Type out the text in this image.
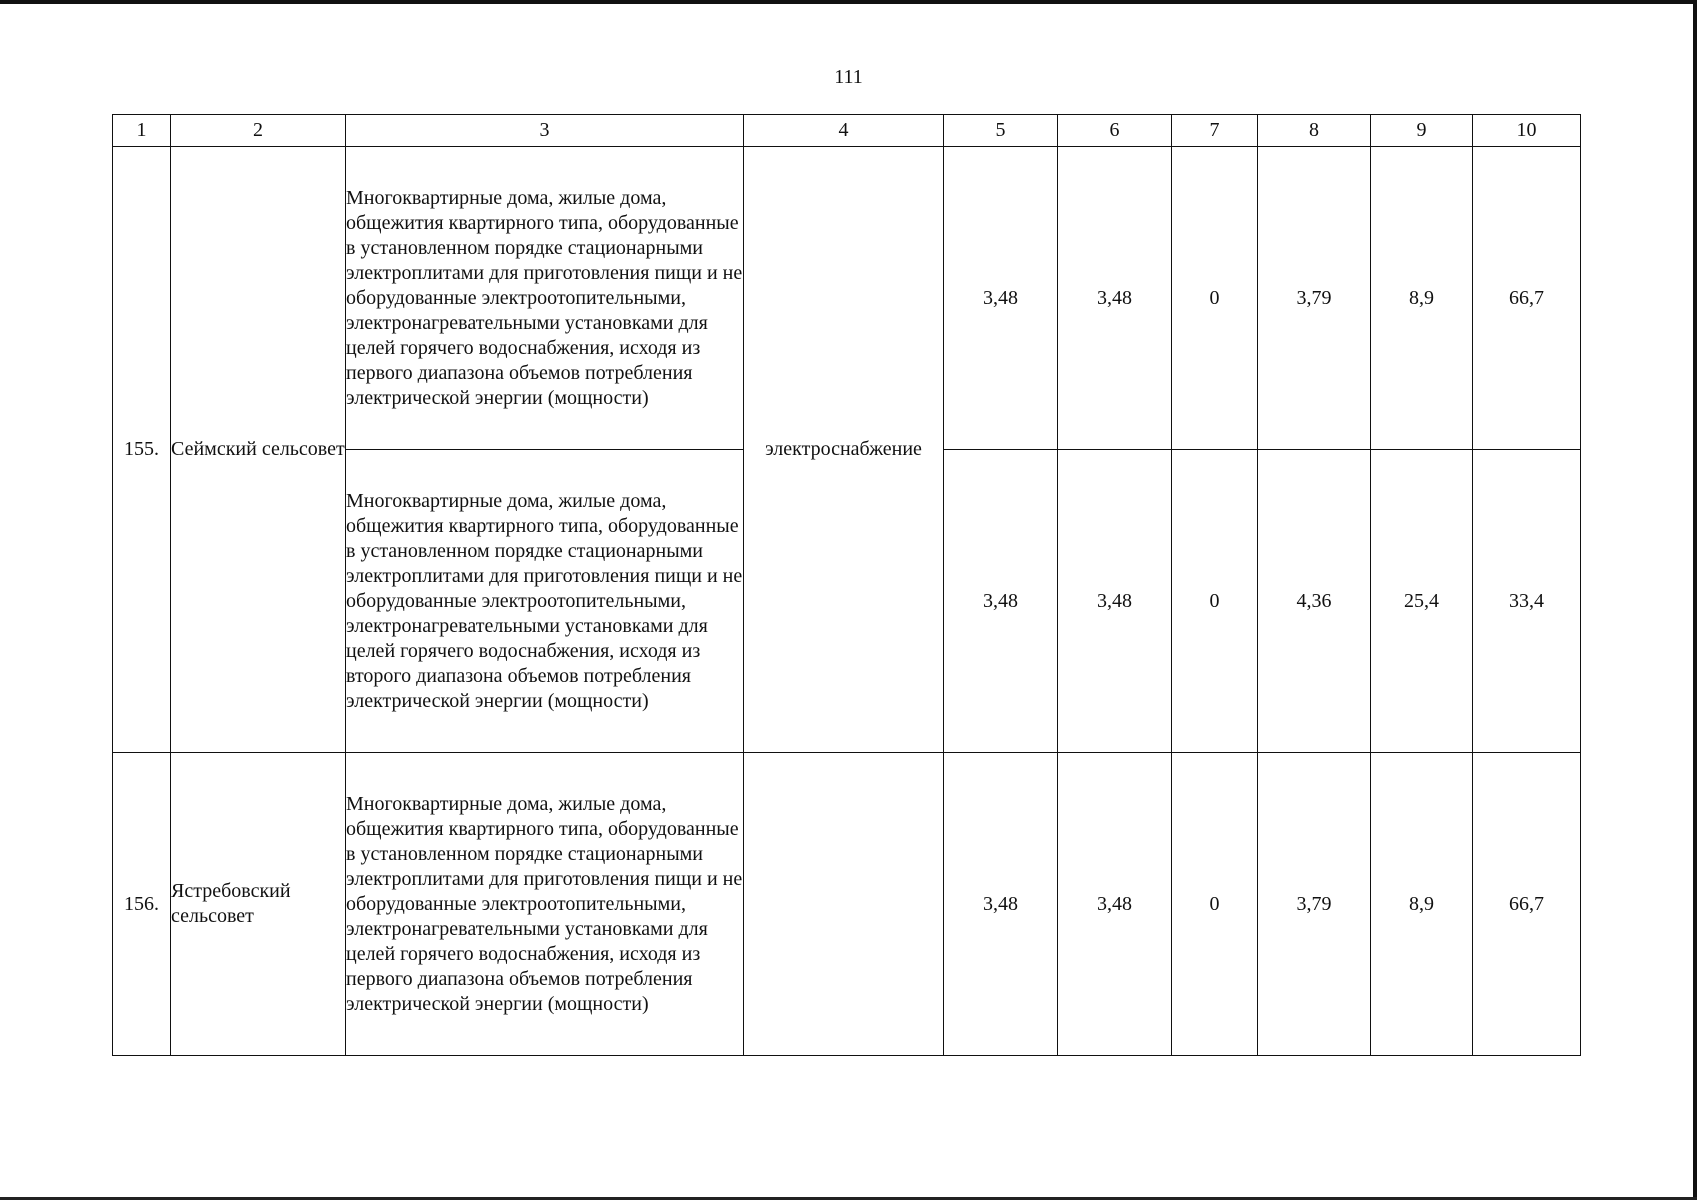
111
1	2	3	4	5	6	7	8	9	10
155.	Сеймский сельсовет	Многоквартирные дома, жилые дома, общежития квартирного типа, оборудованные в установленном порядке стационарными электроплитами для приготовления пищи и не оборудованные электроотопительными, электронагревательными установками для целей горячего водоснабжения, исходя из первого диапазона объемов потребления электрической энергии (мощности)	электроснабжение	3,48	3,48	0	3,79	8,9	66,7
		Многоквартирные дома, жилые дома, общежития квартирного типа, оборудованные в установленном порядке стационарными электроплитами для приготовления пищи и не оборудованные электроотопительными, электронагревательными установками для целей горячего водоснабжения, исходя из второго диапазона объемов потребления электрической энергии (мощности)		3,48	3,48	0	4,36	25,4	33,4
156.	Ястребовский сельсовет	Многоквартирные дома, жилые дома, общежития квартирного типа, оборудованные в установленном порядке стационарными электроплитами для приготовления пищи и не оборудованные электроотопительными, электронагревательными установками для целей горячего водоснабжения, исходя из первого диапазона объемов потребления электрической энергии (мощности)		3,48	3,48	0	3,79	8,9	66,7
